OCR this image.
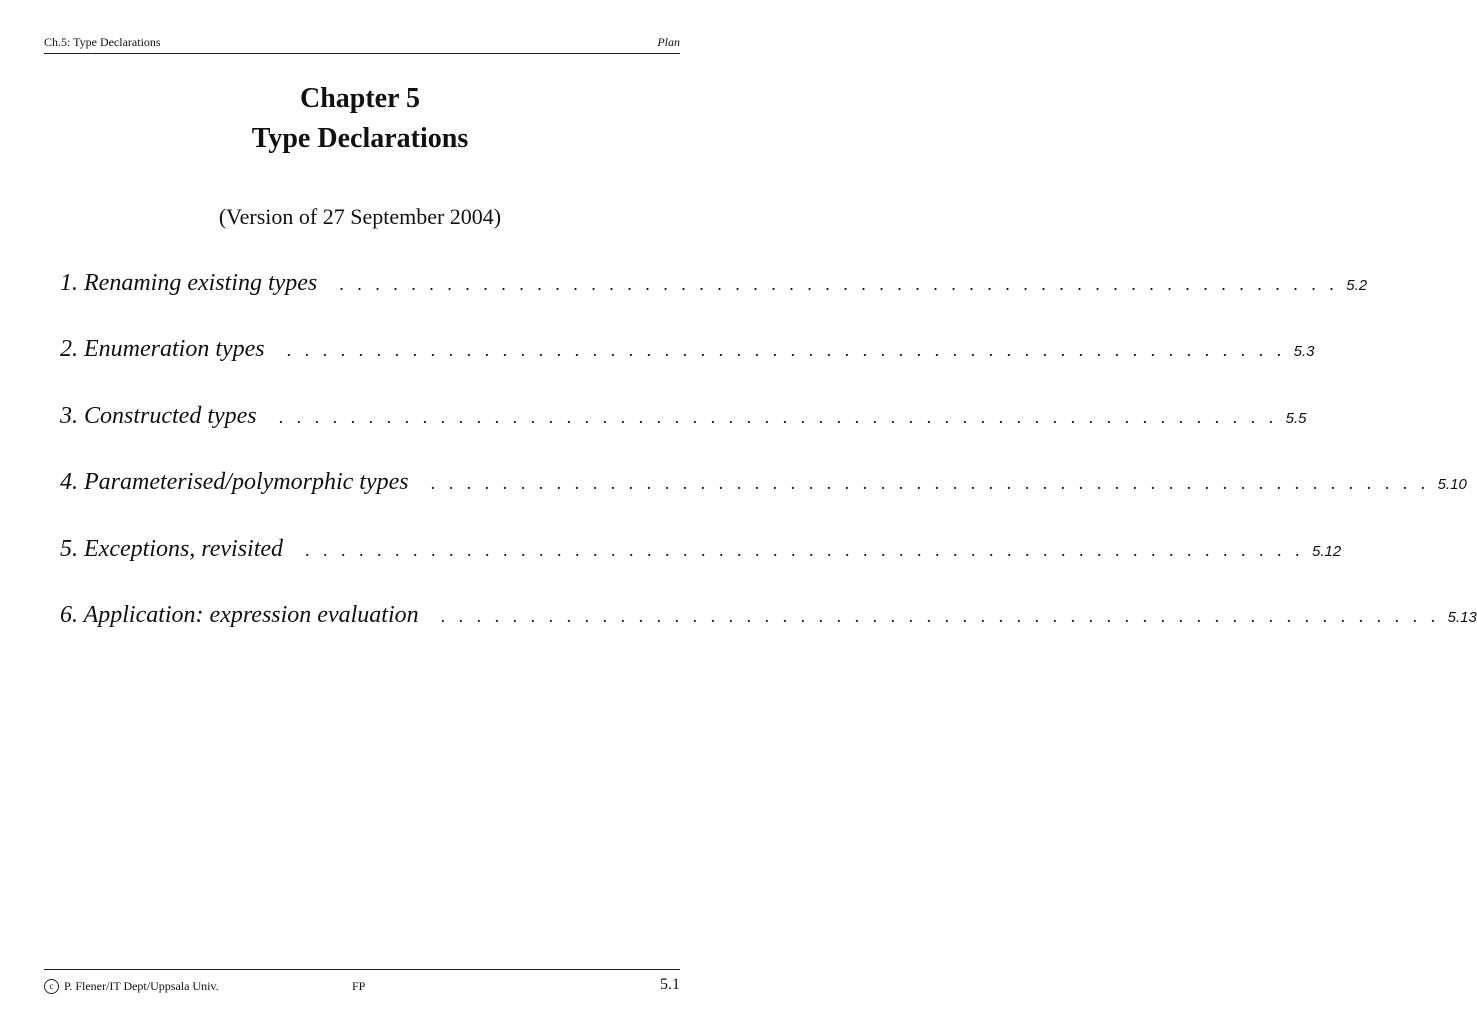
Ch.5: Type Declarations	Plan
Chapter 5
Type Declarations
(Version of 27 September 2004)
1. Renaming existing types . . . . . . . . . . . . . . . . . . . . . . . . . . . . . . . . . . . . . . . . . . . . . . . . . . . . . . . . 5.2
2. Enumeration types . . . . . . . . . . . . . . . . . . . . . . . . . . . . . . . . . . . . . . . . . . . . . . . . . . . . . . . . 5.3
3. Constructed types . . . . . . . . . . . . . . . . . . . . . . . . . . . . . . . . . . . . . . . . . . . . . . . . . . . . . . . . 5.5
4. Parameterised/polymorphic types . . . . . . . . . . . . . . . . . . . . . . . . . . . . . . . . . . . . . . . . . . . . . . . . . . . . . . . . 5.10
5. Exceptions, revisited . . . . . . . . . . . . . . . . . . . . . . . . . . . . . . . . . . . . . . . . . . . . . . . . . . . . . . . . 5.12
6. Application: expression evaluation . . . . . . . . . . . . . . . . . . . . . . . . . . . . . . . . . . . . . . . . . . . . . . . . . . . . . . . . 5.13
c P. Flener/IT Dept/Uppsala Univ.	FP	5.1
